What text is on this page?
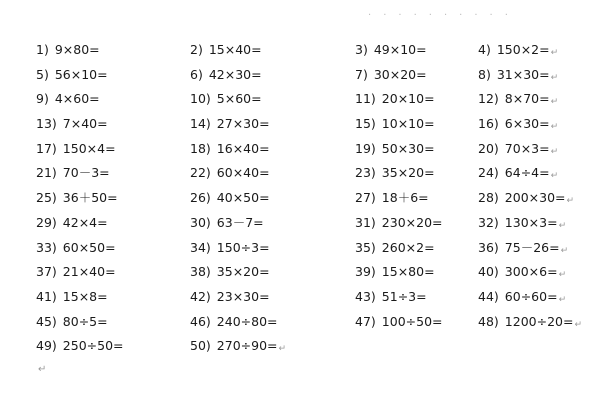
· · · · · · · · · ·
1) 9×80=	2) 15×40=	3) 49×10=	4) 150×2=↵
5) 56×10=	6) 42×30=	7) 30×20=	8) 31×30=↵
9) 4×60=	10) 5×60=	11) 20×10=	12) 8×70=↵
13) 7×40=	14) 27×30=	15) 10×10=	16) 6×30=↵
17) 150×4=	18) 16×40=	19) 50×30=	20) 70×3=↵
21) 70－3=	22) 60×40=	23) 35×20=	24) 64÷4=↵
25) 36＋50=	26) 40×50=	27) 18＋6=	28) 200×30=↵
29) 42×4=	30) 63－7=	31) 230×20=	32) 130×3=↵
33) 60×50=	34) 150÷3=	35) 260×2=	36) 75－26=↵
37) 21×40=	38) 35×20=	39) 15×80=	40) 300×6=↵
41) 15×8=	42) 23×30=	43) 51÷3=	44) 60÷60=↵
45) 80÷5=	46) 240÷80=	47) 100÷50=	48) 1200÷20=↵
49) 250÷50=	50) 270÷90=↵
↵
